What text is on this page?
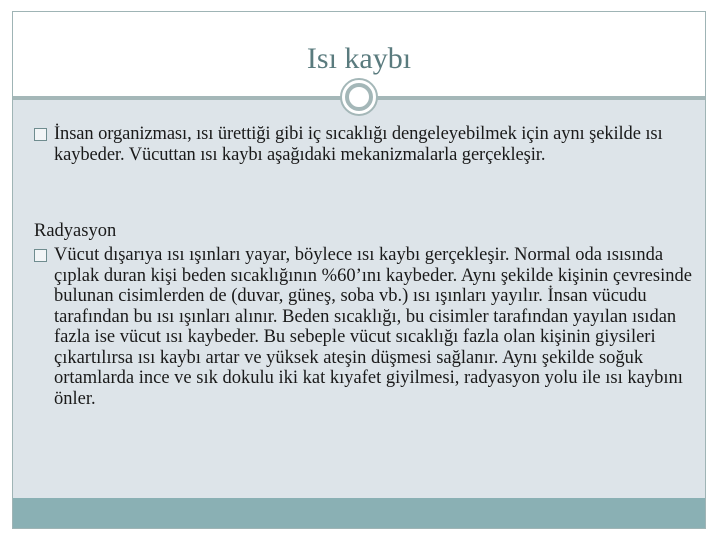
Isı kaybı

İnsan organizması, ısı ürettiği gibi iç sıcaklığı dengeleyebilmek için aynı şekilde ısı kaybeder. Vücuttan ısı kaybı aşağıdaki mekanizmalarla gerçekleşir.

Radyasyon

Vücut dışarıya ısı ışınları yayar, böylece ısı kaybı gerçekleşir. Normal oda ısısında çıplak duran kişi beden sıcaklığının %60’ını kaybeder. Aynı şekilde kişinin çevresinde bulunan cisimlerden de (duvar, güneş, soba vb.) ısı ışınları yayılır. İnsan vücudu tarafından bu ısı ışınları alınır. Beden sıcaklığı, bu cisimler tarafından yayılan ısıdan fazla ise vücut ısı kaybeder. Bu sebeple vücut sıcaklığı fazla olan kişinin giysileri çıkartılırsa ısı kaybı artar ve yüksek ateşin düşmesi sağlanır. Aynı şekilde soğuk ortamlarda ince ve sık dokulu iki kat kıyafet giyilmesi, radyasyon yolu ile ısı kaybını önler.
